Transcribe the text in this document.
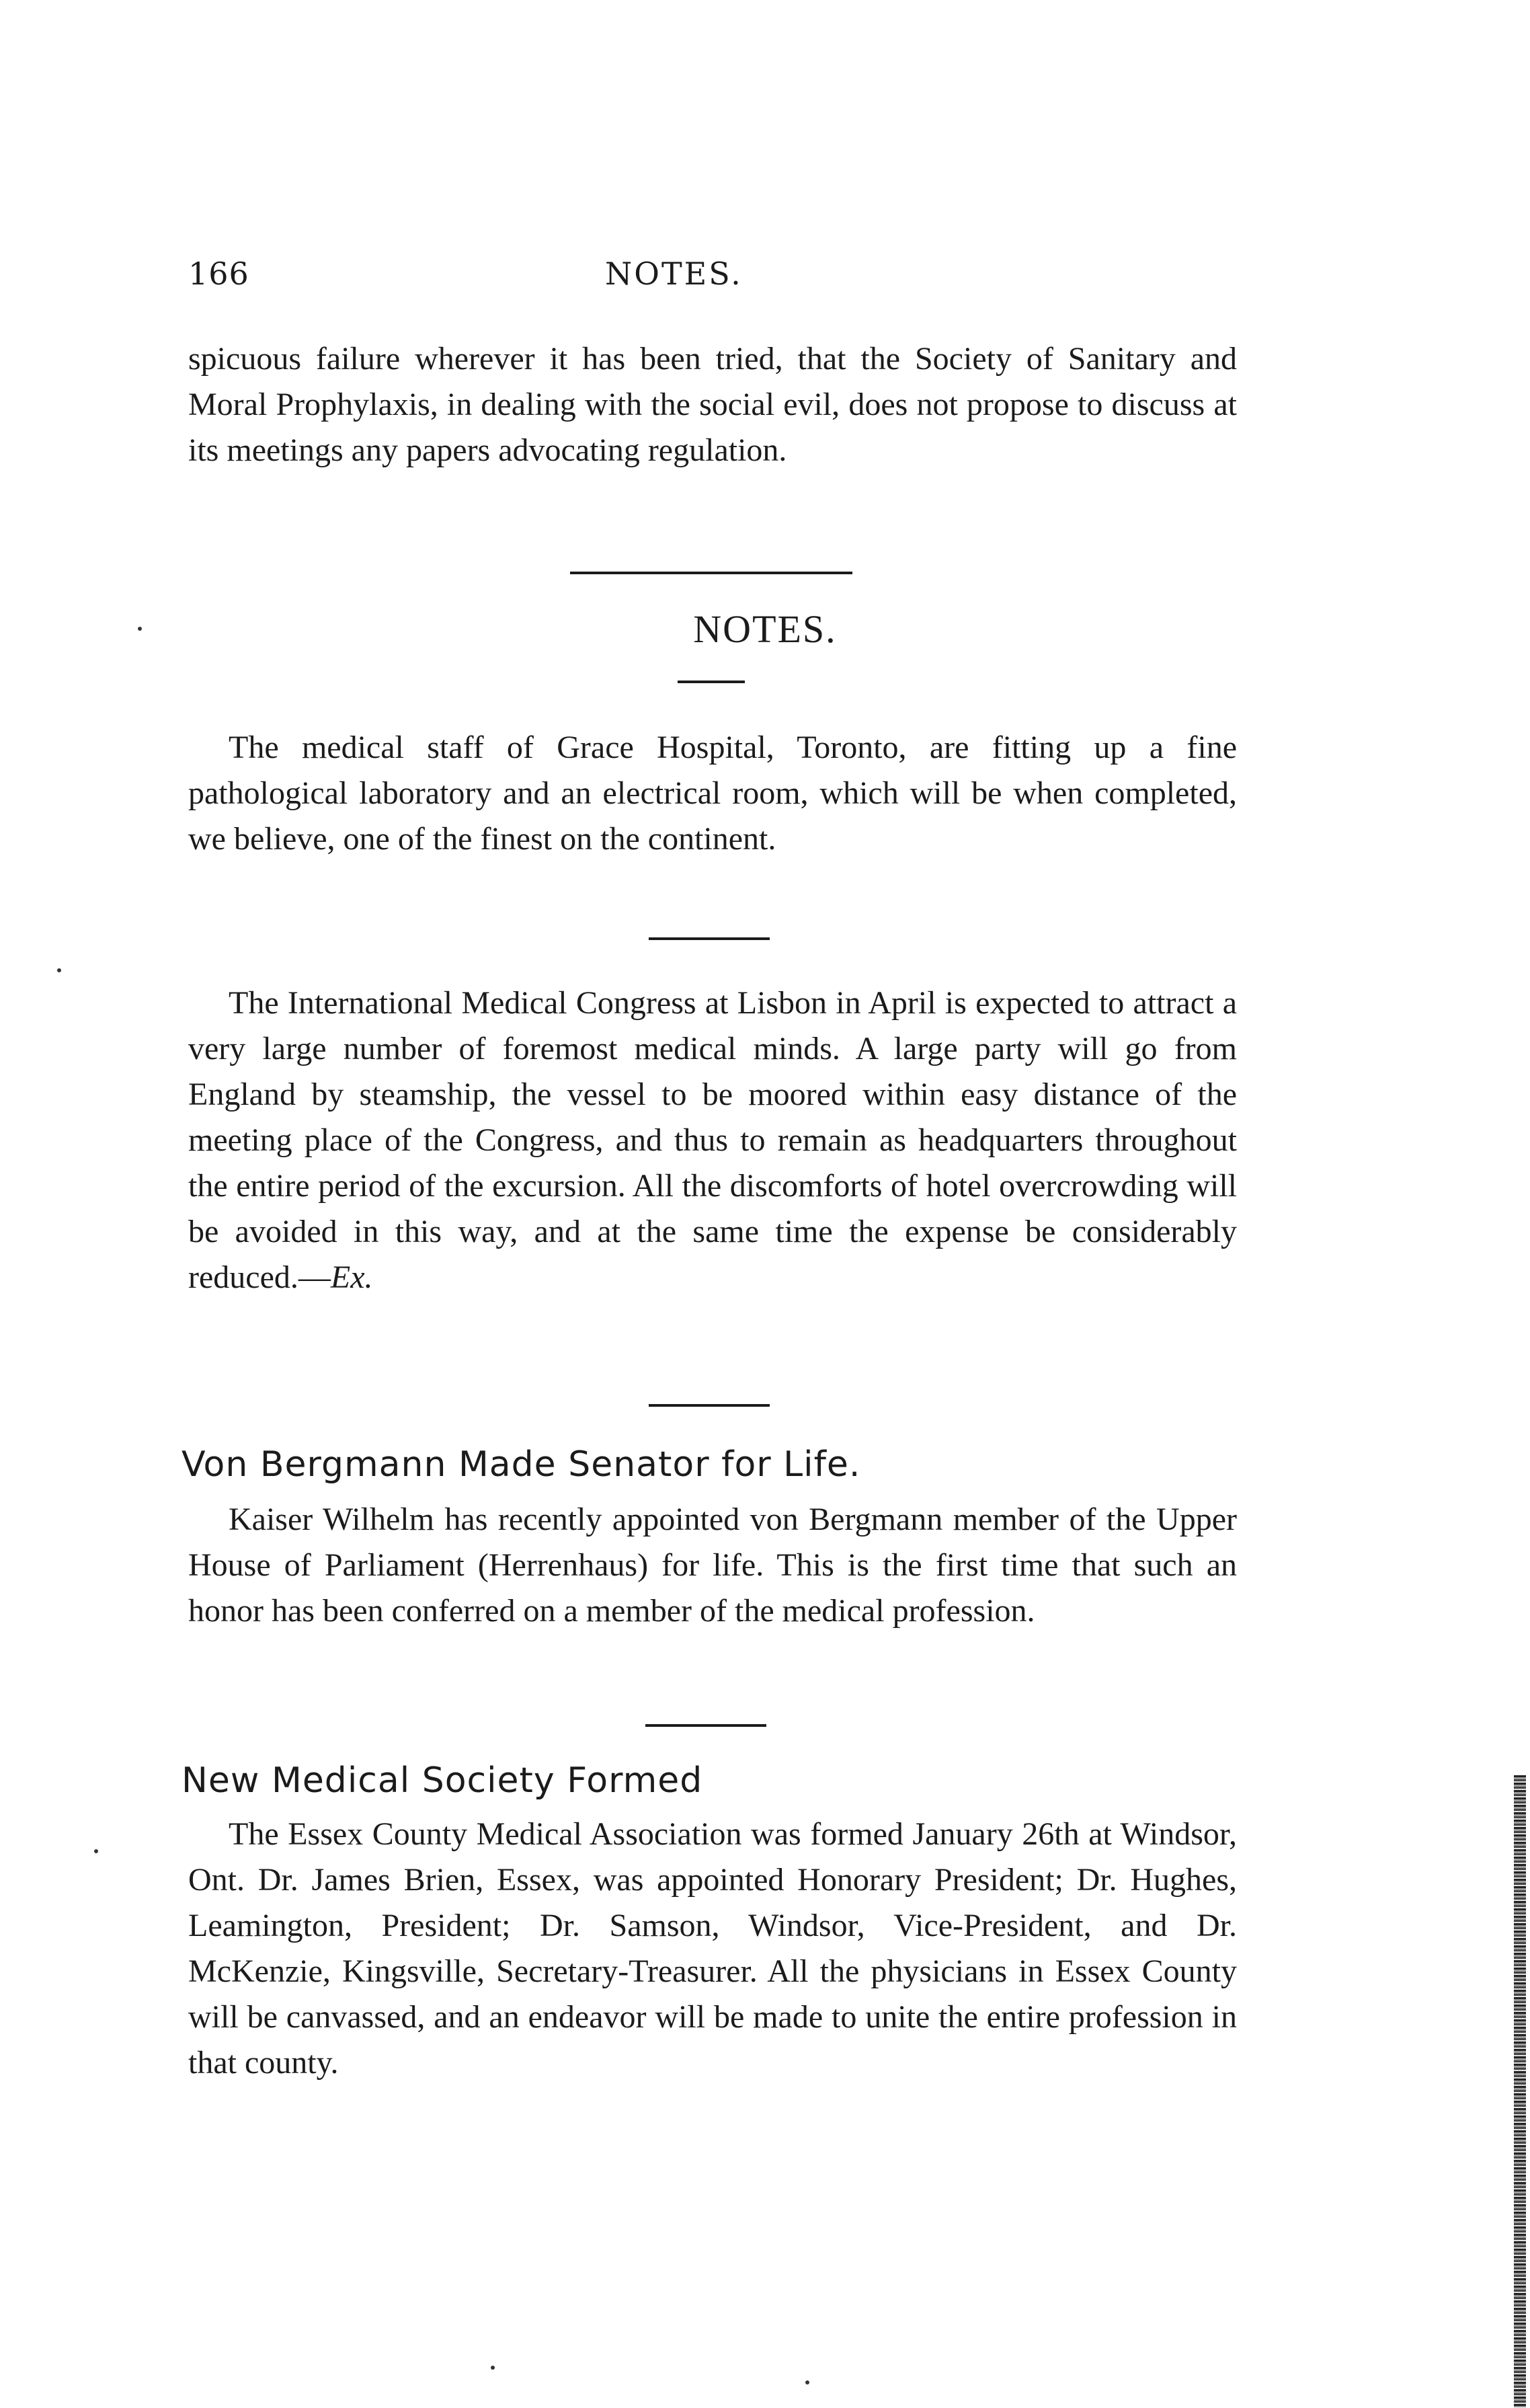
166	NOTES.

spicuous failure wherever it has been tried, that the Society of Sanitary and Moral Prophylaxis, in dealing with the social evil, does not propose to discuss at its meetings any papers advocating regulation.

NOTES.

The medical staff of Grace Hospital, Toronto, are fitting up a fine pathological laboratory and an electrical room, which will be when completed, we believe, one of the finest on the continent.

The International Medical Congress at Lisbon in April is expected to attract a very large number of foremost medical minds. A large party will go from England by steamship, the vessel to be moored within easy distance of the meeting place of the Congress, and thus to remain as headquarters throughout the entire period of the excursion. All the discomforts of hotel overcrowding will be avoided in this way, and at the same time the expense be considerably reduced.—Ex.

Von Bergmann Made Senator for Life.

Kaiser Wilhelm has recently appointed von Bergmann member of the Upper House of Parliament (Herrenhaus) for life. This is the first time that such an honor has been conferred on a member of the medical profession.

New Medical Society Formed

The Essex County Medical Association was formed January 26th at Windsor, Ont. Dr. James Brien, Essex, was appointed Honorary President; Dr. Hughes, Leamington, President; Dr. Samson, Windsor, Vice-President, and Dr. McKenzie, Kingsville, Secretary-Treasurer. All the physicians in Essex County will be canvassed, and an endeavor will be made to unite the entire profession in that county.
